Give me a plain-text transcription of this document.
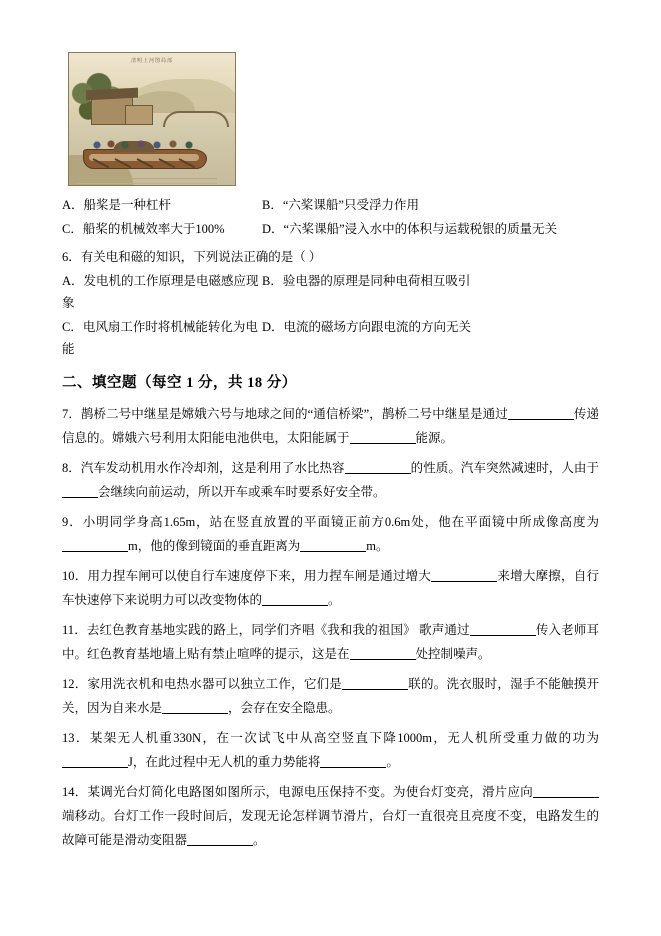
清明上河图局部
A．船桨是一种杠杆	B．“六桨课船”只受浮力作用
C．船桨的机械效率大于100%	D．“六桨课船”浸入水中的体积与运载税银的质量无关
6．有关电和磁的知识，下列说法正确的是（ ）
A．发电机的工作原理是电磁感应现象
B．验电器的原理是同种电荷相互吸引
C．电风扇工作时将机械能转化为电能
D．电流的磁场方向跟电流的方向无关
二、填空题（每空 1 分，共 18 分）
7．鹊桥二号中继星是嫦娥六号与地球之间的“通信桥梁”，鹊桥二号中继星是通过	传递信息的。嫦娥六号利用太阳能电池供电，太阳能属于	能源。
8．汽车发动机用水作冷却剂，这是利用了水比热容	的性质。汽车突然减速时，人由于会继续向前运动，所以开车或乘车时要系好安全带。
9．小明同学身高1.65m，站在竖直放置的平面镜正前方0.6m处，他在平面镜中所成像高度为m，他的像到镜面的垂直距离为	m。
10．用力捏车闸可以使自行车速度停下来，用力捏车闸是通过增大	来增大摩擦，自行车快速停下来说明力可以改变物体的	。
11．去红色教育基地实践的路上，同学们齐唱《我和我的祖国》 歌声通过	传入老师耳中。红色教育基地墙上贴有禁止喧哗的提示，这是在	处控制噪声。
12．家用洗衣机和电热水器可以独立工作，它们是	联的。洗衣服时，湿手不能触摸开关，因为自来水是	，会存在安全隐患。
13．某架无人机重330N，在一次试飞中从高空竖直下降1000m，无人机所受重力做的功为J，在此过程中无人机的重力势能将	。
14．某调光台灯简化电路图如图所示，电源电压保持不变。为使台灯变亮，滑片应向端移动。台灯工作一段时间后，发现无论怎样调节滑片，台灯一直很亮且亮度不变，电路发生的故障可能是滑动变阻器	。
